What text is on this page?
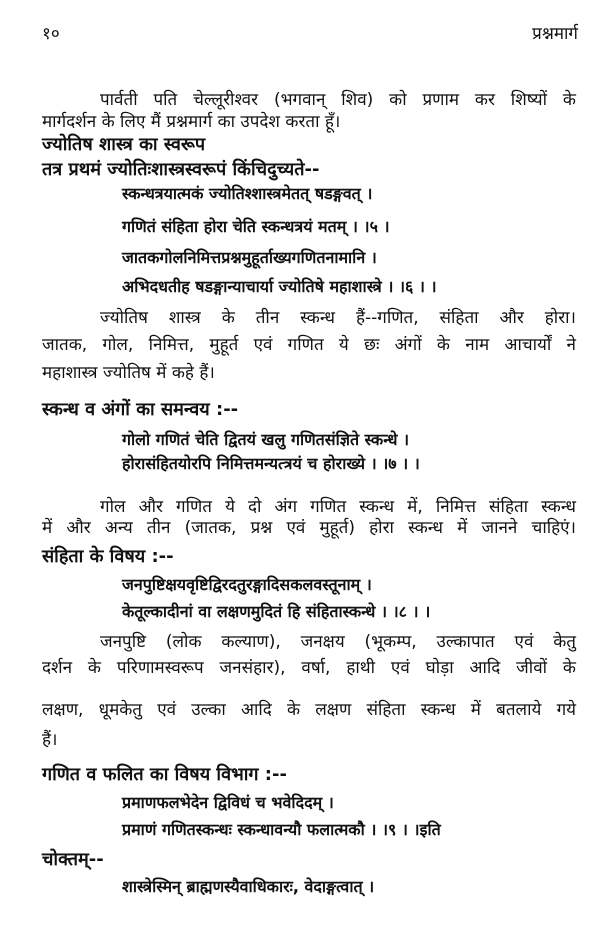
१०	प्रश्नमार्ग
पार्वती पति चेल्लूरीश्वर (भगवान् शिव) को प्रणाम कर शिष्यों के
मार्गदर्शन के लिए मैं प्रश्नमार्ग का उपदेश करता हूँ।
ज्योतिष शास्त्र का स्वरूप
तत्र प्रथमं ज्योतिःशास्त्रस्वरूपं किंचिदुच्यते--
स्कन्धत्रयात्मकं ज्योतिश्शास्त्रमेतत् षडङ्गवत् ।
गणितं संहिता होरा चेति स्कन्धत्रयं मतम् । ।५ ।
जातकगोलनिमित्तप्रश्नमुहूर्ताख्यगणितनामानि ।
अभिदधतीह षडङ्गान्याचार्या ज्योतिषे महाशास्त्रे । ।६ । ।
ज्योतिष शास्त्र के तीन स्कन्ध हैं--गणित, संहिता और होरा।
जातक, गोल, निमित्त, मुहूर्त एवं गणित ये छः अंगों के नाम आचार्यों ने
महाशास्त्र ज्योतिष में कहे हैं।
स्कन्ध व अंगों का समन्वय :--
गोलो गणितं चेति द्वितयं खलु गणितसंज्ञिते स्कन्धे ।
होरासंहितयोरपि निमित्तमन्यत्त्रयं च होराख्ये । ।७ । ।
गोल और गणित ये दो अंग गणित स्कन्ध में, निमित्त संहिता स्कन्ध
में और अन्य तीन (जातक, प्रश्न एवं मुहूर्त) होरा स्कन्ध में जानने चाहिएं।
संहिता के विषय :--
जनपुष्टिक्षयवृष्टिद्विरदतुरङ्गादिसकलवस्तूनाम् ।
केतूल्कादीनां वा लक्षणमुदितं हि संहितास्कन्धे । ।८ । ।
जनपुष्टि (लोक कल्याण), जनक्षय (भूकम्प, उल्कापात एवं केतु
दर्शन के परिणामस्वरूप जनसंहार), वर्षा, हाथी एवं घोड़ा आदि जीवों के
लक्षण, धूमकेतु एवं उल्का आदि के लक्षण संहिता स्कन्ध में बतलाये गये
हैं।
गणित व फलित का विषय विभाग :--
प्रमाणफलभेदेन द्विविधं च भवेदिदम् ।
प्रमाणं गणितस्कन्धः स्कन्धावन्यौ फलात्मकौ । ।९ । ।इति
चोक्तम्--
शास्त्रेस्मिन् ब्राह्मणस्यैवाधिकारः, वेदाङ्गत्वात् ।
